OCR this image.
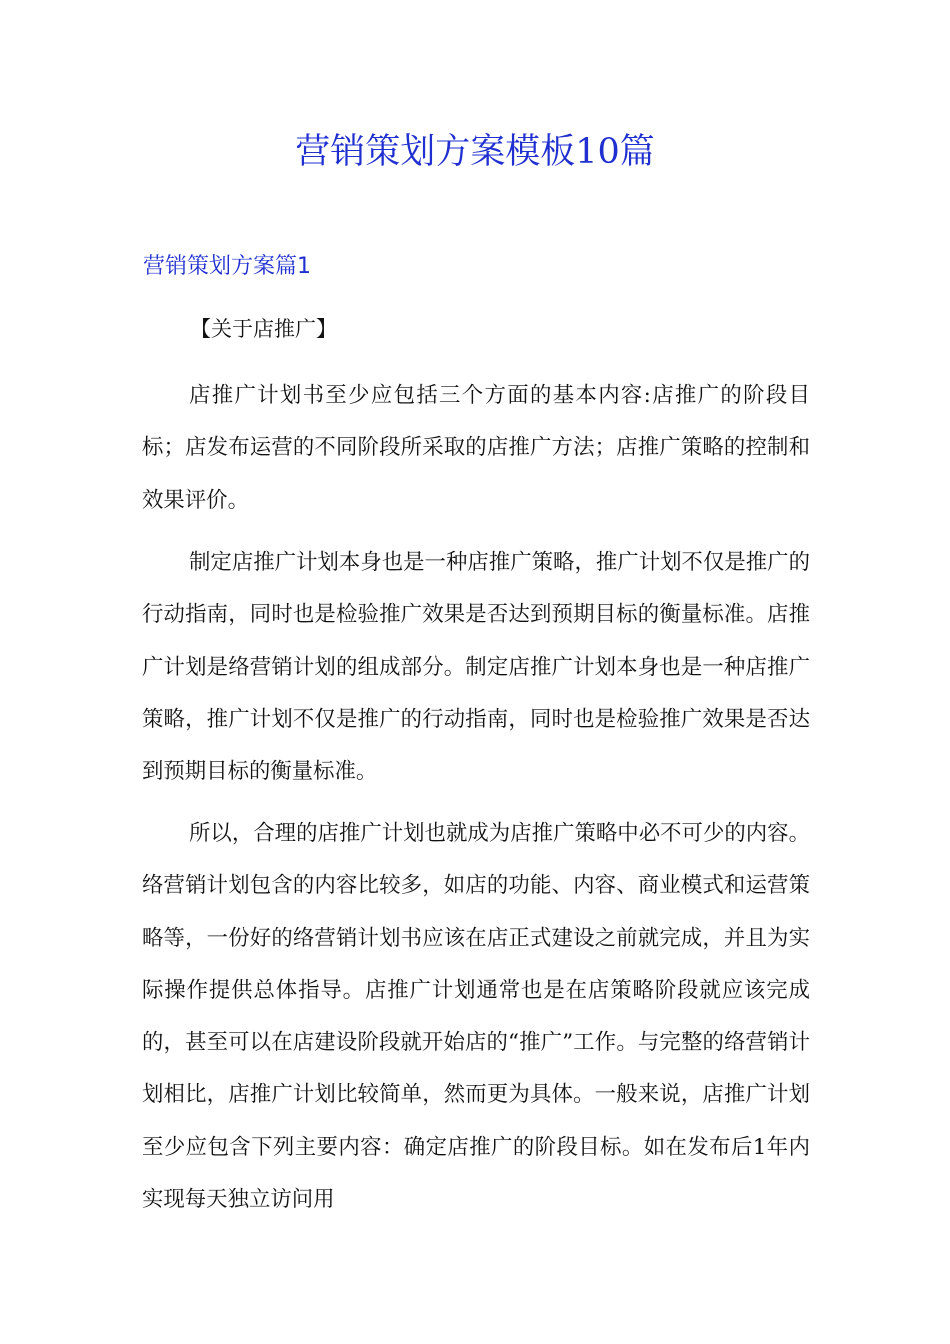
营销策划方案模板10篇
营销策划方案篇1
【关于店推广】

店推广计划书至少应包括三个方面的基本内容:店推广的阶段目标；店发布运营的不同阶段所采取的店推广方法；店推广策略的控制和效果评价。

制定店推广计划本身也是一种店推广策略，推广计划不仅是推广的行动指南，同时也是检验推广效果是否达到预期目标的衡量标准。店推广计划是络营销计划的组成部分。制定店推广计划本身也是一种店推广策略，推广计划不仅是推广的行动指南，同时也是检验推广效果是否达到预期目标的衡量标准。

所以，合理的店推广计划也就成为店推广策略中必不可少的内容。络营销计划包含的内容比较多，如店的功能、内容、商业模式和运营策略等，一份好的络营销计划书应该在店正式建设之前就完成，并且为实际操作提供总体指导。店推广计划通常也是在店策略阶段就应该完成的，甚至可以在店建设阶段就开始店的“推广”工作。与完整的络营销计划相比，店推广计划比较简单，然而更为具体。一般来说，店推广计划至少应包含下列主要内容：确定店推广的阶段目标。如在发布后1年内实现每天独立访问用
